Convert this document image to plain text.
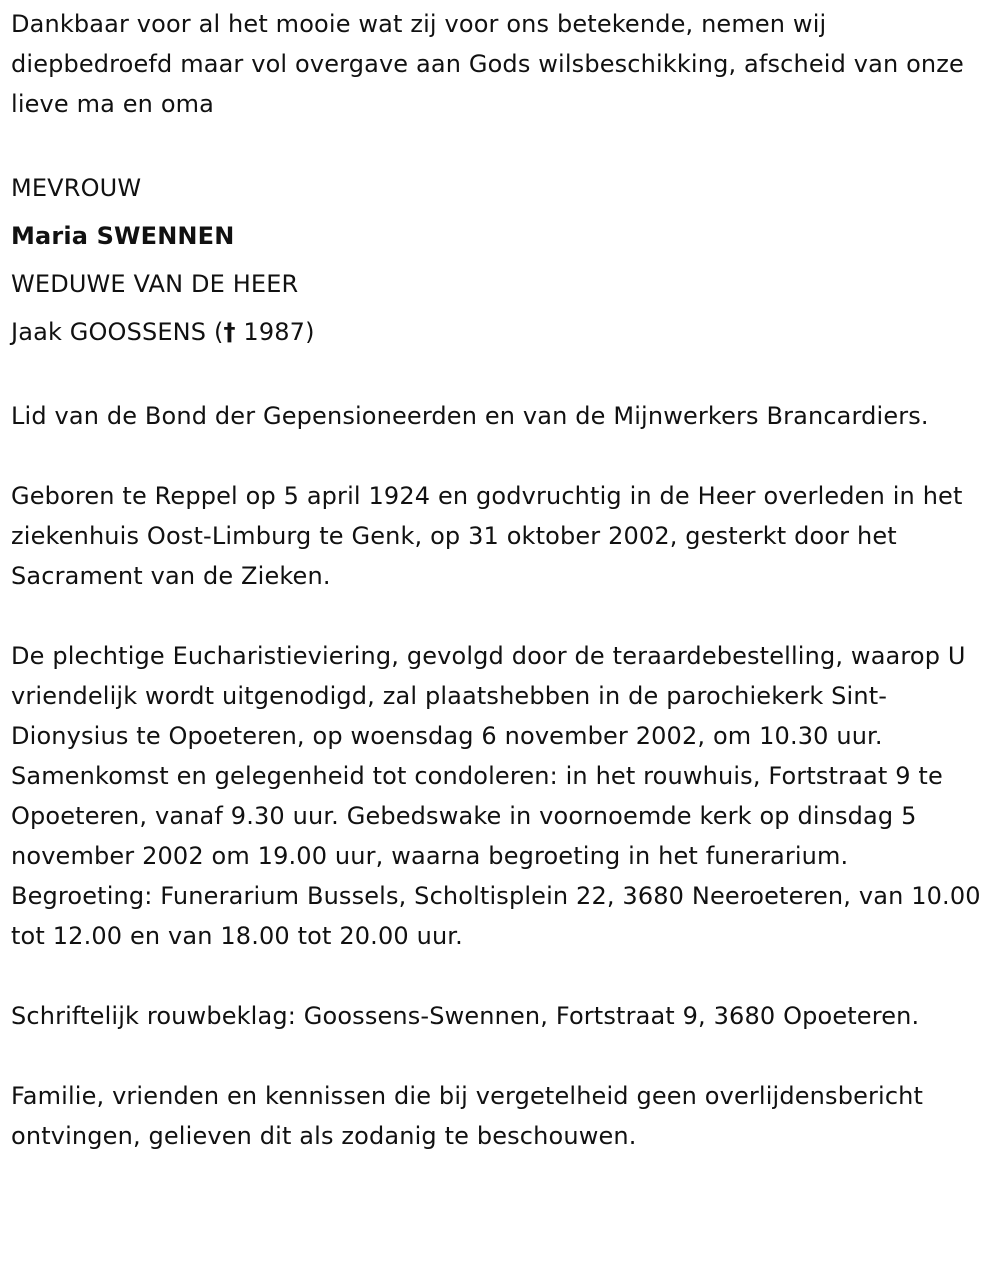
Dankbaar voor al het mooie wat zij voor ons betekende, nemen wij diepbedroefd maar vol overgave aan Gods wilsbeschikking, afscheid van onze lieve ma en oma

MEVROUW

Maria SWENNEN

WEDUWE VAN DE HEER

Jaak GOOSSENS († 1987)

Lid van de Bond der Gepensioneerden en van de Mijnwerkers Brancardiers.

Geboren te Reppel op 5 april 1924 en godvruchtig in de Heer overleden in het ziekenhuis Oost-Limburg te Genk, op 31 oktober 2002, gesterkt door het Sacrament van de Zieken.

De plechtige Eucharistieviering, gevolgd door de teraardebestelling, waarop U vriendelijk wordt uitgenodigd, zal plaatshebben in de parochiekerk Sint-Dionysius te Opoeteren, op woensdag 6 november 2002, om 10.30 uur. Samenkomst en gelegenheid tot condoleren: in het rouwhuis, Fortstraat 9 te Opoeteren, vanaf 9.30 uur. Gebedswake in voornoemde kerk op dinsdag 5 november 2002 om 19.00 uur, waarna begroeting in het funerarium. Begroeting: Funerarium Bussels, Scholtisplein 22, 3680 Neeroeteren, van 10.00 tot 12.00 en van 18.00 tot 20.00 uur.

Schriftelijk rouwbeklag: Goossens-Swennen, Fortstraat 9, 3680 Opoeteren.

Familie, vrienden en kennissen die bij vergetelheid geen overlijdensbericht ontvingen, gelieven dit als zodanig te beschouwen.
